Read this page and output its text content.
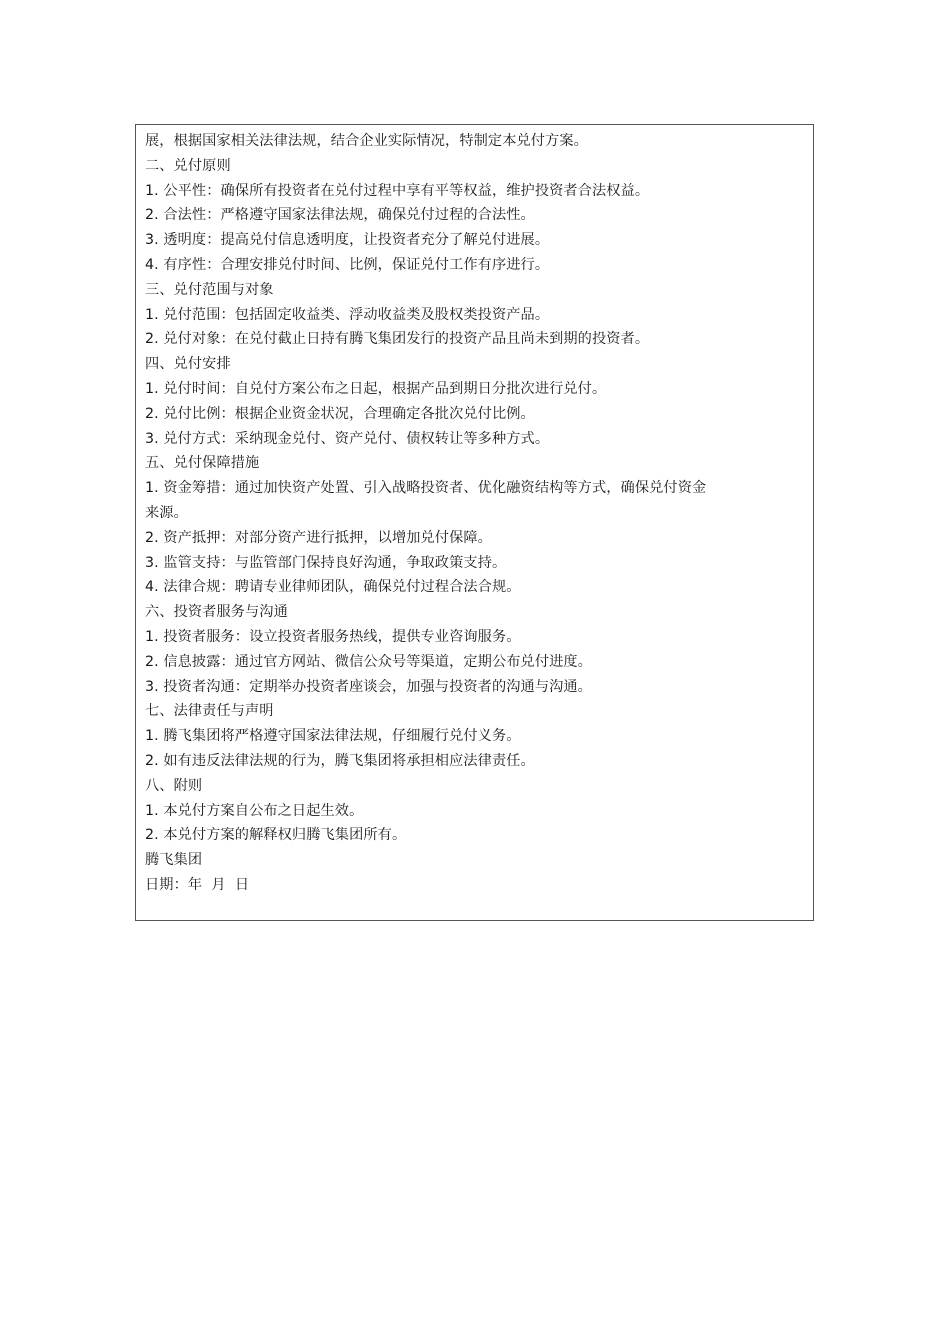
展，根据国家相关法律法规，结合企业实际情况，特制定本兑付方案。
二、兑付原则
1. 公平性：确保所有投资者在兑付过程中享有平等权益，维护投资者合法权益。
2. 合法性：严格遵守国家法律法规，确保兑付过程的合法性。
3. 透明度：提高兑付信息透明度，让投资者充分了解兑付进展。
4. 有序性：合理安排兑付时间、比例，保证兑付工作有序进行。
三、兑付范围与对象
1. 兑付范围：包括固定收益类、浮动收益类及股权类投资产品。
2. 兑付对象：在兑付截止日持有腾飞集团发行的投资产品且尚未到期的投资者。
四、兑付安排
1. 兑付时间：自兑付方案公布之日起，根据产品到期日分批次进行兑付。
2. 兑付比例：根据企业资金状况，合理确定各批次兑付比例。
3. 兑付方式：采纳现金兑付、资产兑付、债权转让等多种方式。
五、兑付保障措施
1. 资金筹措：通过加快资产处置、引入战略投资者、优化融资结构等方式，确保兑付资金
来源。
2. 资产抵押：对部分资产进行抵押，以增加兑付保障。
3. 监管支持：与监管部门保持良好沟通，争取政策支持。
4. 法律合规：聘请专业律师团队，确保兑付过程合法合规。
六、投资者服务与沟通
1. 投资者服务：设立投资者服务热线，提供专业咨询服务。
2. 信息披露：通过官方网站、微信公众号等渠道，定期公布兑付进度。
3. 投资者沟通：定期举办投资者座谈会，加强与投资者的沟通与沟通。
七、法律责任与声明
1. 腾飞集团将严格遵守国家法律法规，仔细履行兑付义务。
2. 如有违反法律法规的行为，腾飞集团将承担相应法律责任。
八、附则
1. 本兑付方案自公布之日起生效。
2. 本兑付方案的解释权归腾飞集团所有。
腾飞集团
日期：年  月  日
